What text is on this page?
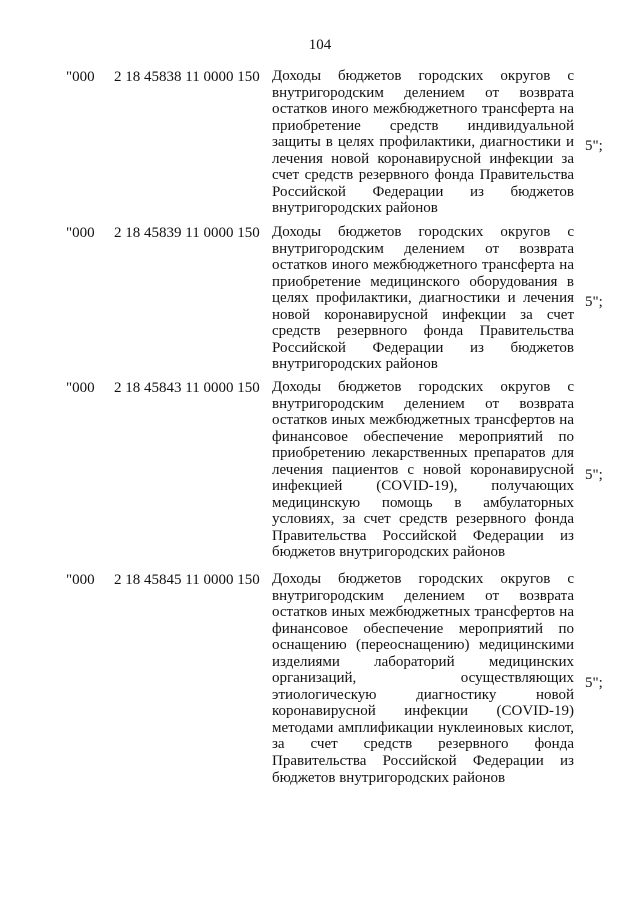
104
"000 2 18 45838 11 0000 150 Доходы бюджетов городских округов с
внутригородским делением от возврата
остатков иного межбюджетного трансферта на
приобретение средств индивидуальной
защиты в целях профилактики, диагностики и
лечения новой коронавирусной инфекции за
счет средств резервного фонда Правительства
Российской Федерации из бюджетов
внутригородских районов
5";
"000 2 18 45839 11 0000 150 Доходы бюджетов городских округов с
внутригородским делением от возврата
остатков иного межбюджетного трансферта на
приобретение медицинского оборудования в
целях профилактики, диагностики и лечения
новой коронавирусной инфекции за счет
средств резервного фонда Правительства
Российской Федерации из бюджетов
внутригородских районов
5";
"000 2 18 45843 11 0000 150 Доходы бюджетов городских округов с
внутригородским делением от возврата
остатков иных межбюджетных трансфертов на
финансовое обеспечение мероприятий по
приобретению лекарственных препаратов для
лечения пациентов с новой коронавирусной
инфекцией (COVID-19), получающих
медицинскую помощь в амбулаторных
условиях, за счет средств резервного фонда
Правительства Российской Федерации из
бюджетов внутригородских районов
5";
"000 2 18 45845 11 0000 150 Доходы бюджетов городских округов с
внутригородским делением от возврата
остатков иных межбюджетных трансфертов на
финансовое обеспечение мероприятий по
оснащению (переоснащению) медицинскими
изделиями лабораторий медицинских
организаций, осуществляющих
этиологическую диагностику новой
коронавирусной инфекции (COVID-19)
методами амплификации нуклеиновых кислот,
за счет средств резервного фонда
Правительства Российской Федерации из
бюджетов внутригородских районов
5";
